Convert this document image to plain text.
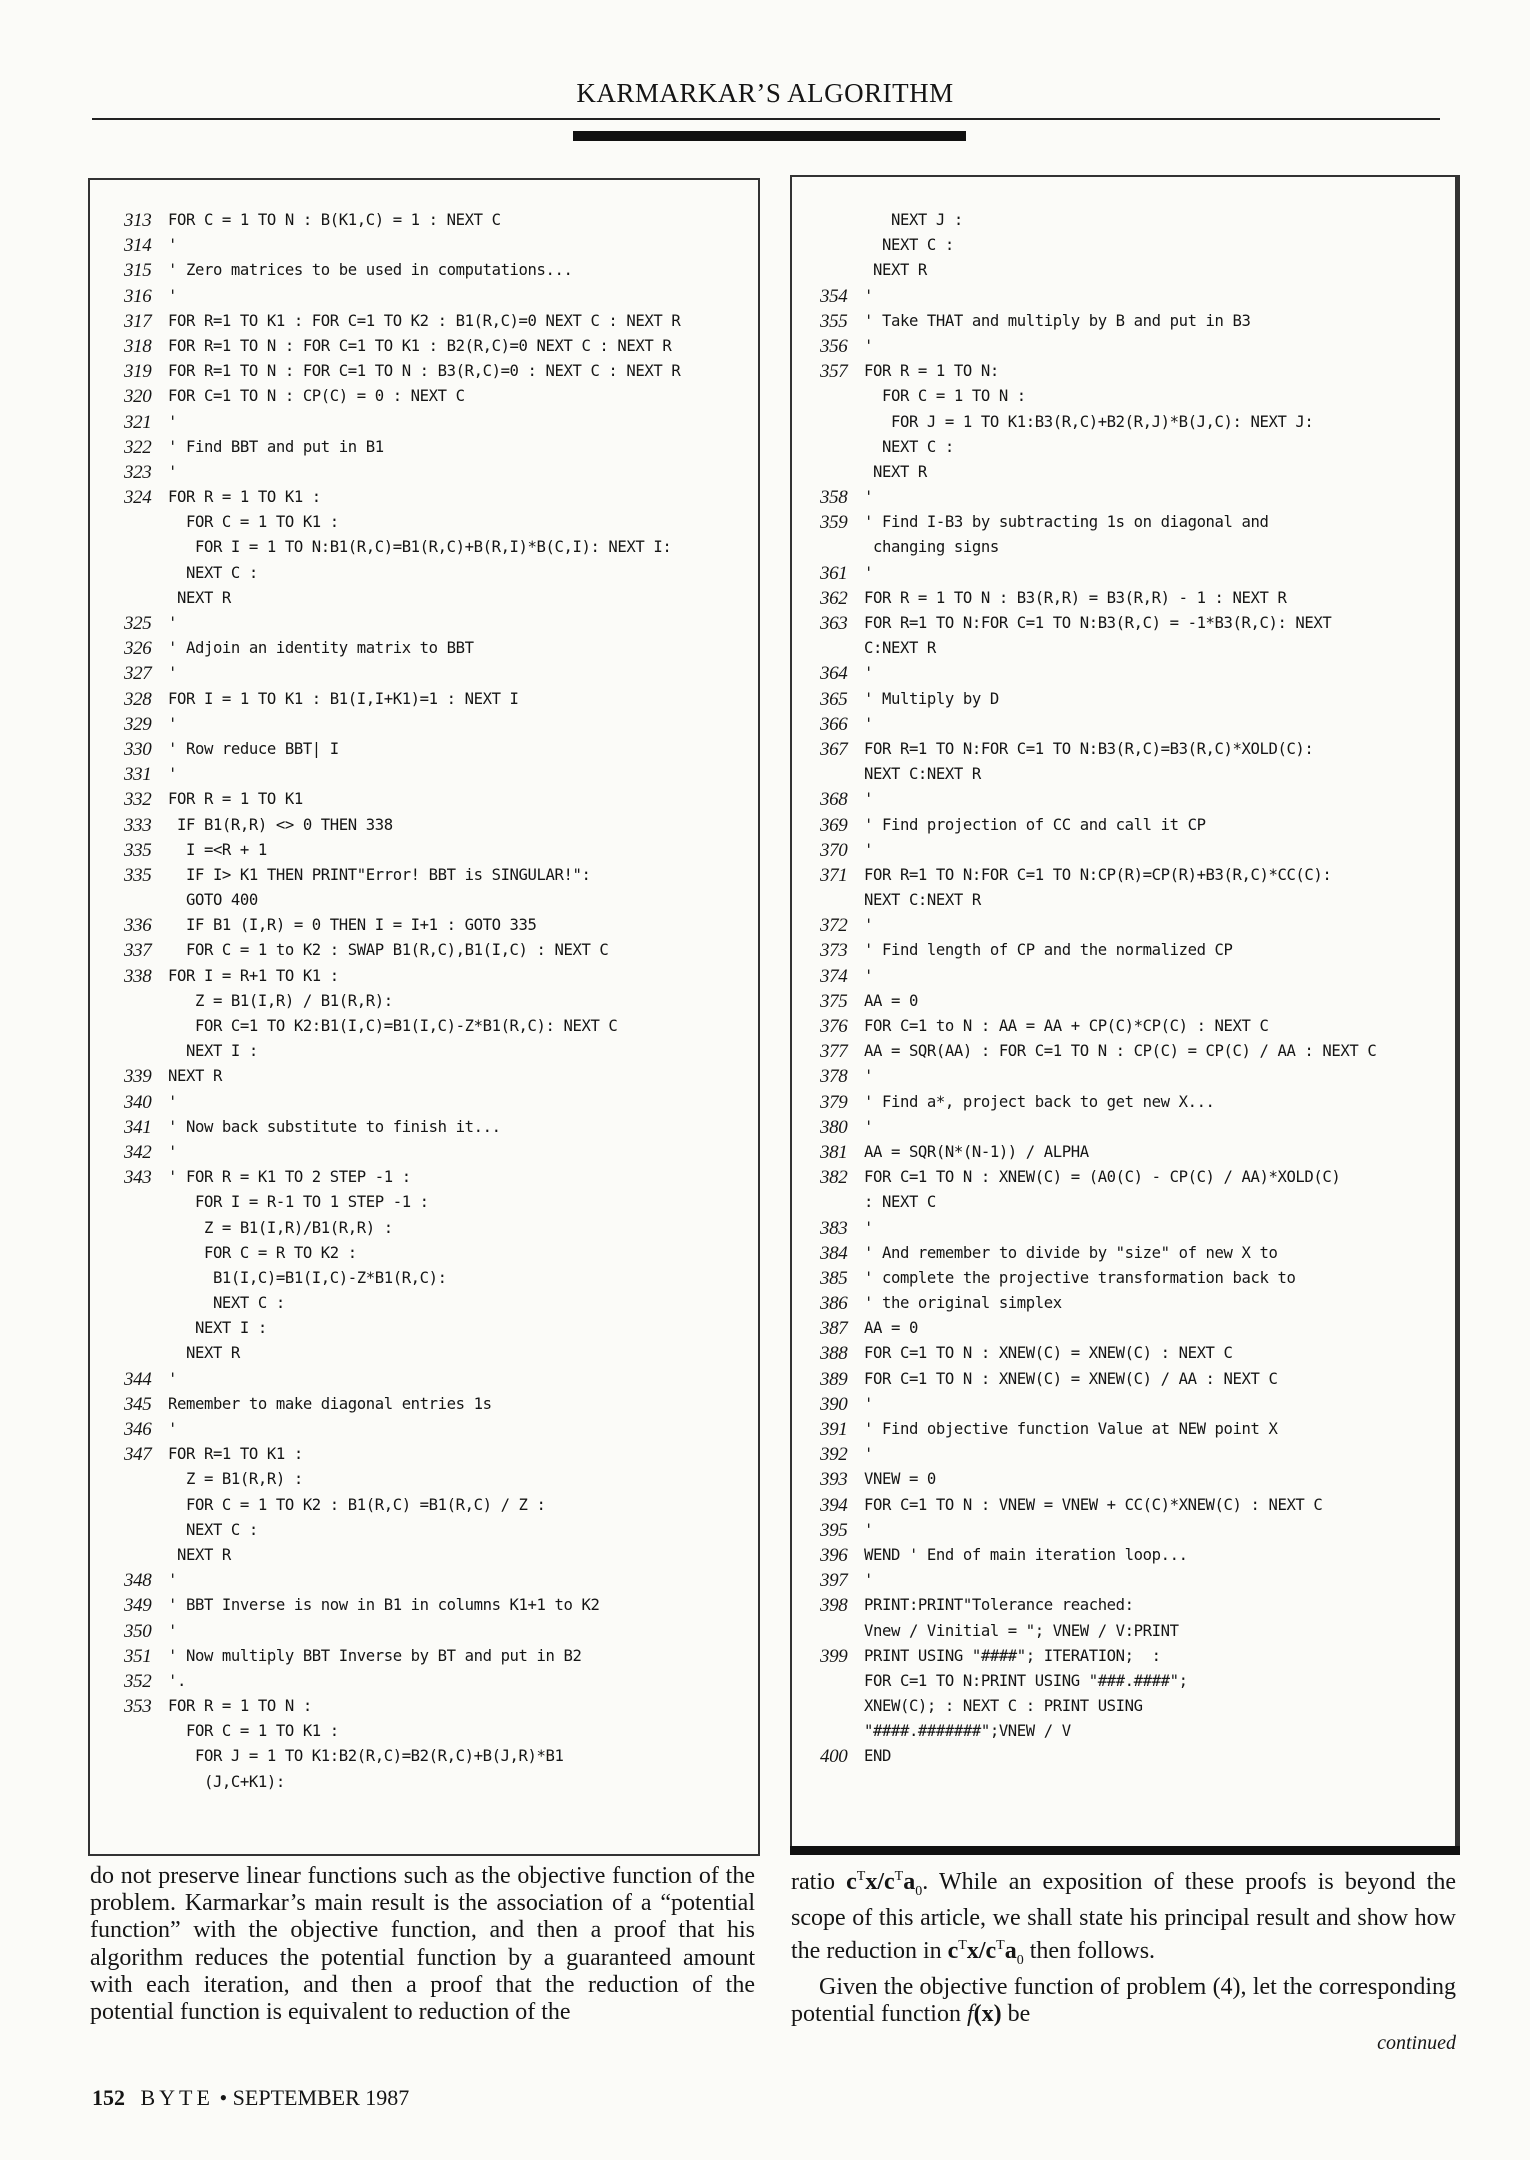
KARMARKAR’S ALGORITHM
313	FOR C = 1 TO N : B(K1,C) = 1 : NEXT C
314	'
315	' Zero matrices to be used in computations...
316	'
317	FOR R=1 TO K1 : FOR C=1 TO K2 : B1(R,C)=0 NEXT C : NEXT R
318	FOR R=1 TO N : FOR C=1 TO K1 : B2(R,C)=0 NEXT C : NEXT R
319	FOR R=1 TO N : FOR C=1 TO N : B3(R,C)=0 : NEXT C : NEXT R
320	FOR C=1 TO N : CP(C) = 0 : NEXT C
321	'
322	' Find BBT and put in B1
323	'
324	FOR R = 1 TO K1 :
FOR C = 1 TO K1 :
FOR I = 1 TO N:B1(R,C)=B1(R,C)+B(R,I)*B(C,I): NEXT I:
NEXT C :
NEXT R
325	'
326	' Adjoin an identity matrix to BBT
327	'
328	FOR I = 1 TO K1 : B1(I,I+K1)=1 : NEXT I
329	'
330	' Row reduce BBT| I
331	'
332	FOR R = 1 TO K1
333	IF B1(R,R) <> 0 THEN 338
335	I =<R + 1
335	IF I> K1 THEN PRINT"Error! BBT is SINGULAR!":
GOTO 400
336	IF B1 (I,R) = 0 THEN I = I+1 : GOTO 335
337	FOR C = 1 to K2 : SWAP B1(R,C),B1(I,C) : NEXT C
338	FOR I = R+1 TO K1 :
Z = B1(I,R) / B1(R,R):
FOR C=1 TO K2:B1(I,C)=B1(I,C)-Z*B1(R,C): NEXT C
NEXT I :
339	NEXT R
340	'
341	' Now back substitute to finish it...
342	'
343	' FOR R = K1 TO 2 STEP -1 :
FOR I = R-1 TO 1 STEP -1 :
Z = B1(I,R)/B1(R,R) :
FOR C = R TO K2 :
B1(I,C)=B1(I,C)-Z*B1(R,C):
NEXT C :
NEXT I :
NEXT R
344	'
345	Remember to make diagonal entries 1s
346	'
347	FOR R=1 TO K1 :
Z = B1(R,R) :
FOR C = 1 TO K2 : B1(R,C) =B1(R,C) / Z :
NEXT C :
NEXT R
348	'
349	' BBT Inverse is now in B1 in columns K1+1 to K2
350	'
351	' Now multiply BBT Inverse by BT and put in B2
352	'.
353	FOR R = 1 TO N :
FOR C = 1 TO K1 :
FOR J = 1 TO K1:B2(R,C)=B2(R,C)+B(J,R)*B1
(J,C+K1):
NEXT J :
NEXT C :
NEXT R
354	'
355	' Take THAT and multiply by B and put in B3
356	'
357	FOR R = 1 TO N:
FOR C = 1 TO N :
FOR J = 1 TO K1:B3(R,C)+B2(R,J)*B(J,C): NEXT J:
NEXT C :
NEXT R
358	'
359	' Find I-B3 by subtracting 1s on diagonal and
changing signs
361	'
362	FOR R = 1 TO N : B3(R,R) = B3(R,R) - 1 : NEXT R
363	FOR R=1 TO N:FOR C=1 TO N:B3(R,C) = -1*B3(R,C): NEXT
C:NEXT R
364	'
365	' Multiply by D
366	'
367	FOR R=1 TO N:FOR C=1 TO N:B3(R,C)=B3(R,C)*XOLD(C):
NEXT C:NEXT R
368	'
369	' Find projection of CC and call it CP
370	'
371	FOR R=1 TO N:FOR C=1 TO N:CP(R)=CP(R)+B3(R,C)*CC(C):
NEXT C:NEXT R
372	'
373	' Find length of CP and the normalized CP
374	'
375	AA = 0
376	FOR C=1 to N : AA = AA + CP(C)*CP(C) : NEXT C
377	AA = SQR(AA) : FOR C=1 TO N : CP(C) = CP(C) / AA : NEXT C
378	'
379	' Find a*, project back to get new X...
380	'
381	AA = SQR(N*(N-1)) / ALPHA
382	FOR C=1 TO N : XNEW(C) = (A0(C) - CP(C) / AA)*XOLD(C)
: NEXT C
383	'
384	' And remember to divide by "size" of new X to
385	' complete the projective transformation back to
386	' the original simplex
387	AA = 0
388	FOR C=1 TO N : XNEW(C) = XNEW(C) : NEXT C
389	FOR C=1 TO N : XNEW(C) = XNEW(C) / AA : NEXT C
390	'
391	' Find objective function Value at NEW point X
392	'
393	VNEW = 0
394	FOR C=1 TO N : VNEW = VNEW + CC(C)*XNEW(C) : NEXT C
395	'
396	WEND ' End of main iteration loop...
397	'
398	PRINT:PRINT"Tolerance reached:
Vnew / Vinitial = "; VNEW / V:PRINT
399	PRINT USING "####"; ITERATION;  :
FOR C=1 TO N:PRINT USING "###.####";
XNEW(C); : NEXT C : PRINT USING
"####.#######";VNEW / V
400	END

do not preserve linear functions such as the objective function of the problem. Karmarkar’s main result is the association of a “potential function” with the objective function, and then a proof that his algorithm reduces the potential function by a guaranteed amount with each iteration, and then a proof that the reduction of the potential function is equivalent to reduction of the

ratio $c^Tx/c^Ta_0$. While an exposition of these proofs is beyond the scope of this article, we shall state his principal result and show how the reduction in $c^Tx/c^Ta_0$ then follows.

Given the objective function of problem (4), let the corresponding potential function f(x) be

continued
152 BYTE • SEPTEMBER 1987
